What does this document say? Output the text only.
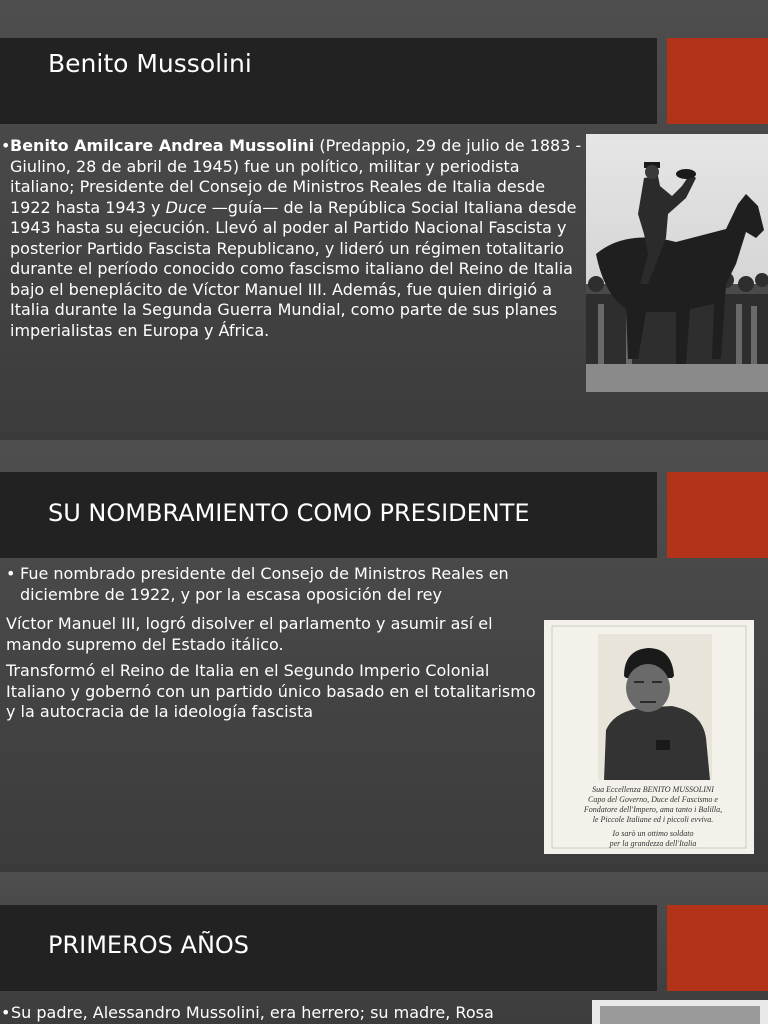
Benito Mussolini
• Benito Amilcare Andrea Mussolini (Predappio, 29 de julio de 1883 - Giulino, 28 de abril de 1945) fue un político, militar y periodista italiano; Presidente del Consejo de Ministros Reales de Italia desde 1922 hasta 1943 y Duce —guía— de la República Social Italiana desde 1943 hasta su ejecución. Llevó al poder al Partido Nacional Fascista y posterior Partido Fascista Republicano, y lideró un régimen totalitario durante el período conocido como fascismo italiano del Reino de Italia bajo el beneplácito de Víctor Manuel III. Además, fue quien dirigió a Italia durante la Segunda Guerra Mundial, como parte de sus planes imperialistas en Europa y África.

SU NOMBRAMIENTO COMO PRESIDENTE
• Fue nombrado presidente del Consejo de Ministros Reales en diciembre de 1922, y por la escasa oposición del rey

Víctor Manuel III, logró disolver el parlamento y asumir así el mando supremo del Estado itálico.
Transformó el Reino de Italia en el Segundo Imperio Colonial Italiano y gobernó con un partido único basado en el totalitarismo y la autocracia de la ideología fascista
Sua Eccellenza BENITO MUSSOLINI
Capo del Governo, Duce del Fascismo e
Fondatore dell'Impero, ama tanto i Balilla,
le Piccole Italiane ed i piccoli evviva.
Io sarò un ottimo soldato
per la grandezza dell'Italia
PRIMEROS AÑOS
• Su padre, Alessandro Mussolini, era herrero; su madre, Rosa
